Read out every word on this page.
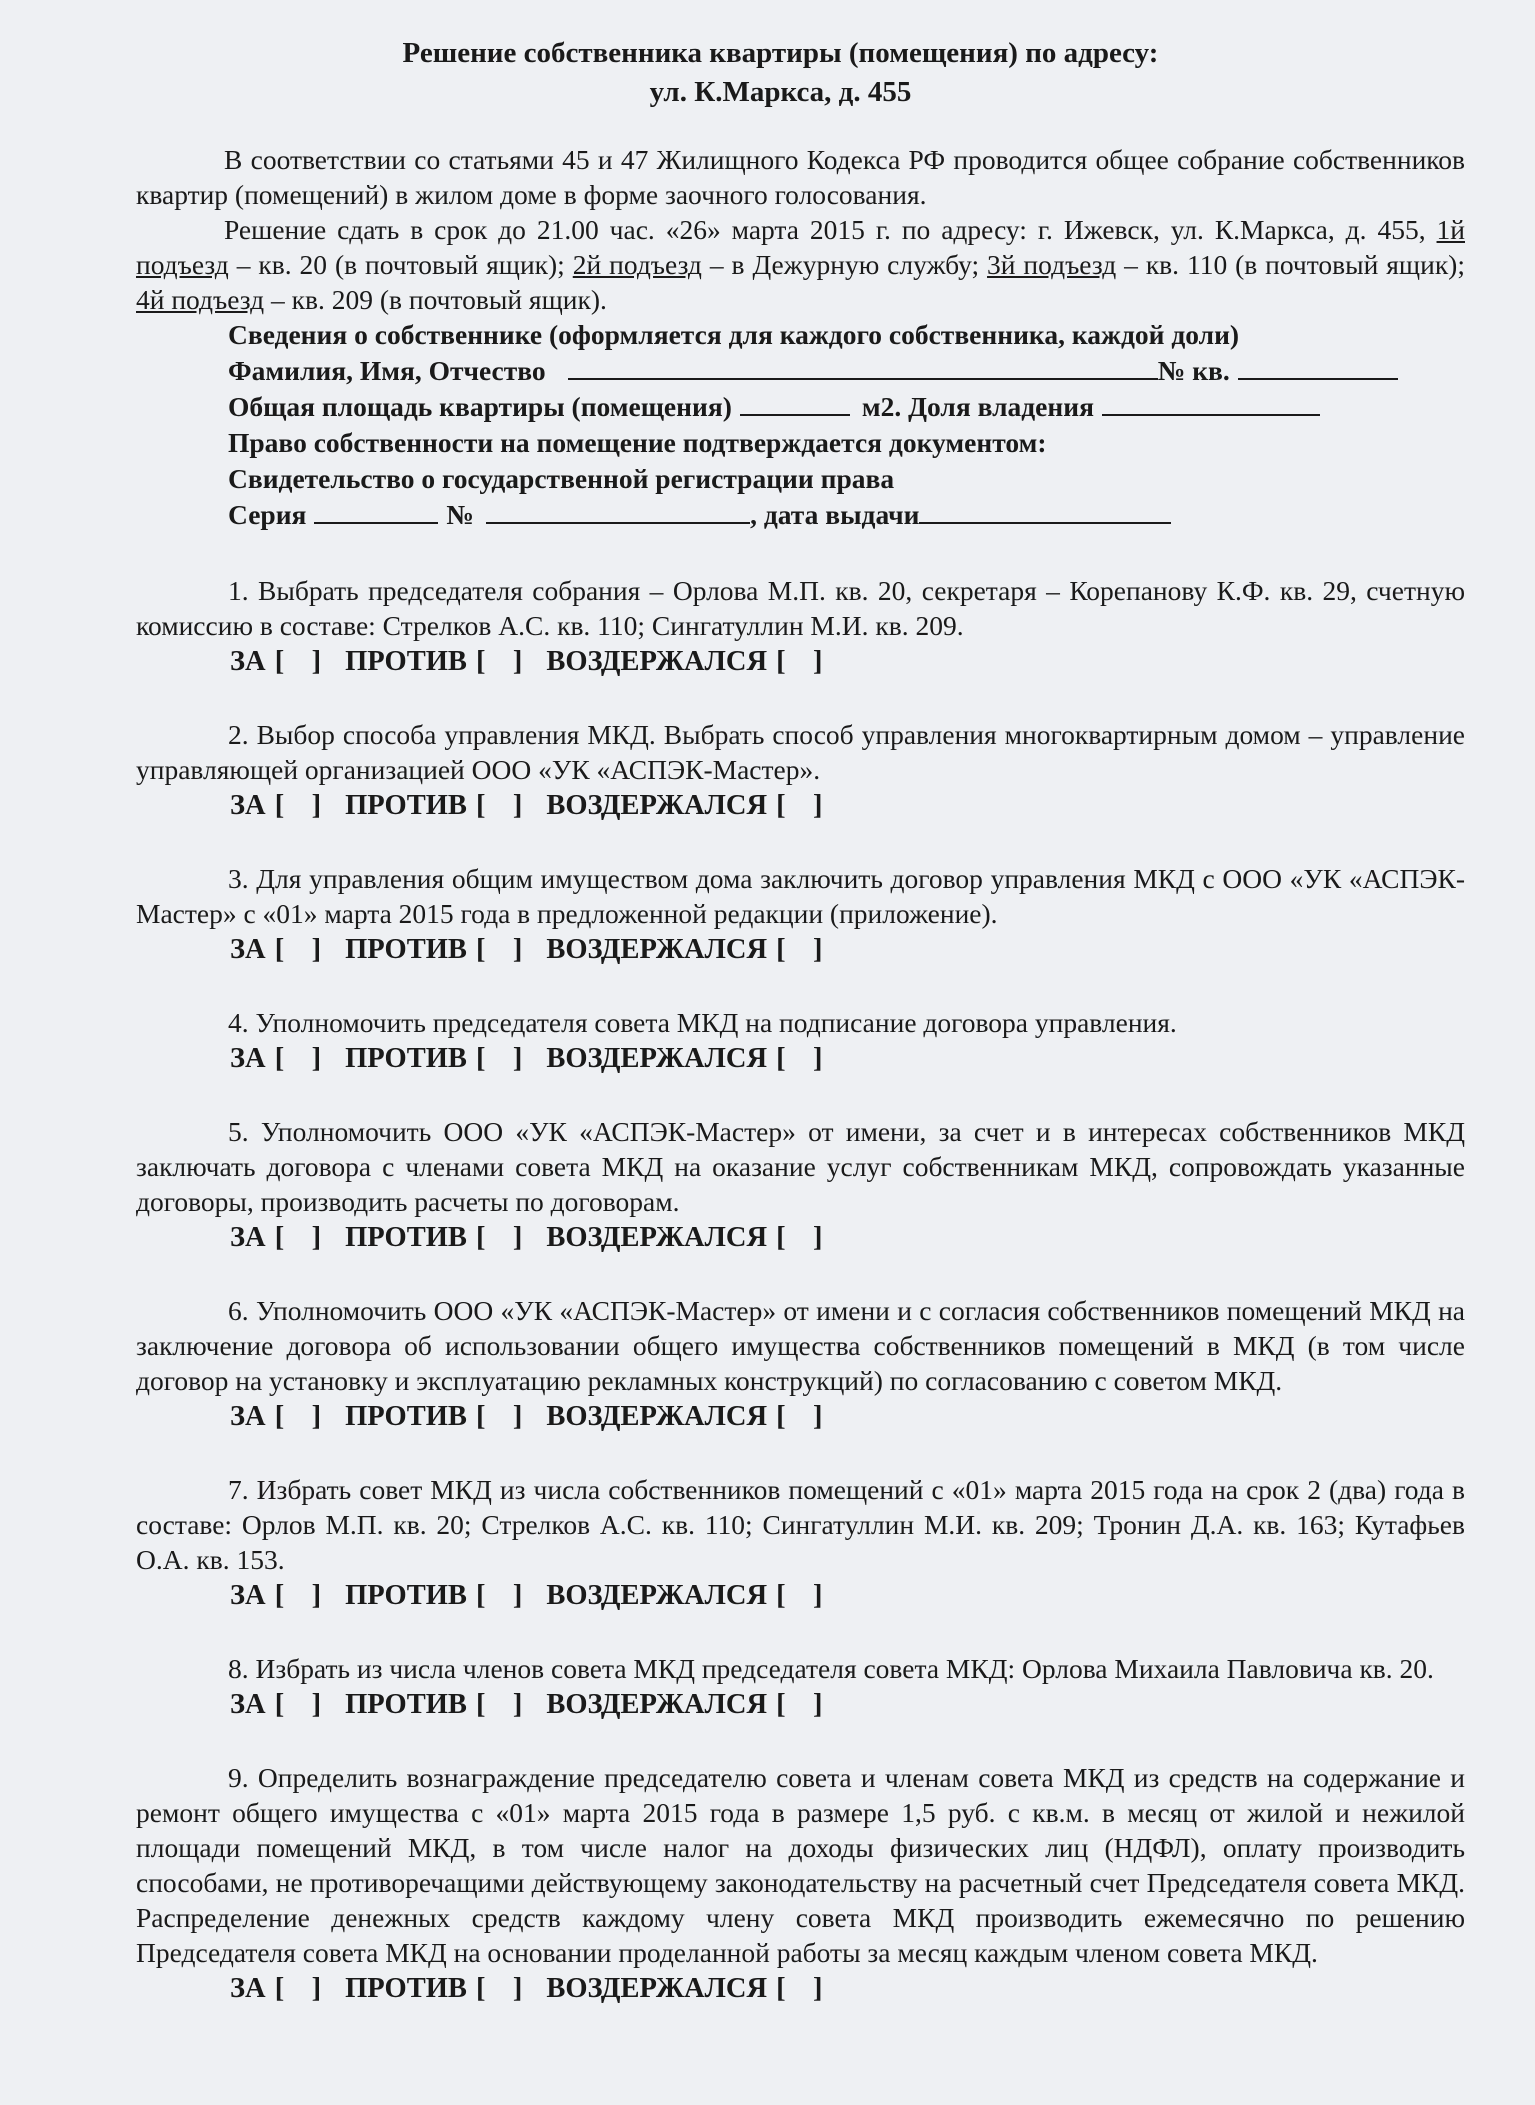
Решение собственника квартиры (помещения) по адресу:
ул. К.Маркса, д. 455

В соответствии со статьями 45 и 47 Жилищного Кодекса РФ проводится общее собрание собственников квартир (помещений) в жилом доме в форме заочного голосования.

Решение сдать в срок до 21.00 час. «26» марта 2015 г. по адресу: г. Ижевск, ул. К.Маркса, д. 455, 1й подъезд – кв. 20 (в почтовый ящик); 2й подъезд – в Дежурную службу; 3й подъезд – кв. 110 (в почтовый ящик); 4й подъезд – кв. 209 (в почтовый ящик).

Сведения о собственнике (оформляется для каждого собственника, каждой доли)
Фамилия, Имя, Отчество	№ кв.
Общая площадь квартиры (помещения)	м2. Доля владения
Право собственности на помещение подтверждается документом:
Свидетельство о государственной регистрации права
Серия	№	, дата выдачи
1. Выбрать председателя собрания – Орлова М.П. кв. 20, секретаря – Корепанову К.Ф. кв. 29, счетную комиссию в составе: Стрелков А.С. кв. 110; Сингатуллин М.И. кв. 209.
ЗА [   ] ПРОТИВ [   ] ВОЗДЕРЖАЛСЯ [   ]
2. Выбор способа управления МКД. Выбрать способ управления многоквартирным домом – управление управляющей организацией ООО «УК «АСПЭК-Мастер».
ЗА [   ] ПРОТИВ [   ] ВОЗДЕРЖАЛСЯ [   ]
3. Для управления общим имуществом дома заключить договор управления МКД с ООО «УК «АСПЭК-Мастер» с «01» марта 2015 года в предложенной редакции (приложение).
ЗА [   ] ПРОТИВ [   ] ВОЗДЕРЖАЛСЯ [   ]
4. Уполномочить председателя совета МКД на подписание договора управления.
ЗА [   ] ПРОТИВ [   ] ВОЗДЕРЖАЛСЯ [   ]
5. Уполномочить ООО «УК «АСПЭК-Мастер» от имени, за счет и в интересах собственников МКД заключать договора с членами совета МКД на оказание услуг собственникам МКД, сопровождать указанные договоры, производить расчеты по договорам.
ЗА [   ] ПРОТИВ [   ] ВОЗДЕРЖАЛСЯ [   ]
6. Уполномочить ООО «УК «АСПЭК-Мастер» от имени и с согласия собственников помещений МКД на заключение договора об использовании общего имущества собственников помещений в МКД (в том числе договор на установку и эксплуатацию рекламных конструкций) по согласованию с советом МКД.
ЗА [   ] ПРОТИВ [   ] ВОЗДЕРЖАЛСЯ [   ]
7. Избрать совет МКД из числа собственников помещений с «01» марта 2015 года на срок 2 (два) года в составе: Орлов М.П. кв. 20; Стрелков А.С. кв. 110; Сингатуллин М.И. кв. 209; Тронин Д.А. кв. 163; Кутафьев О.А. кв. 153.
ЗА [   ] ПРОТИВ [   ] ВОЗДЕРЖАЛСЯ [   ]
8. Избрать из числа членов совета МКД председателя совета МКД: Орлова Михаила Павловича кв. 20.
ЗА [   ] ПРОТИВ [   ] ВОЗДЕРЖАЛСЯ [   ]
9. Определить вознаграждение председателю совета и членам совета МКД из средств на содержание и ремонт общего имущества с «01» марта 2015 года в размере 1,5 руб. с кв.м. в месяц от жилой и нежилой площади помещений МКД, в том числе налог на доходы физических лиц (НДФЛ), оплату производить способами, не противоречащими действующему законодательству на расчетный счет Председателя совета МКД. Распределение денежных средств каждому члену совета МКД производить ежемесячно по решению Председателя совета МКД на основании проделанной работы за месяц каждым членом совета МКД.
ЗА [   ] ПРОТИВ [   ] ВОЗДЕРЖАЛСЯ [   ]
